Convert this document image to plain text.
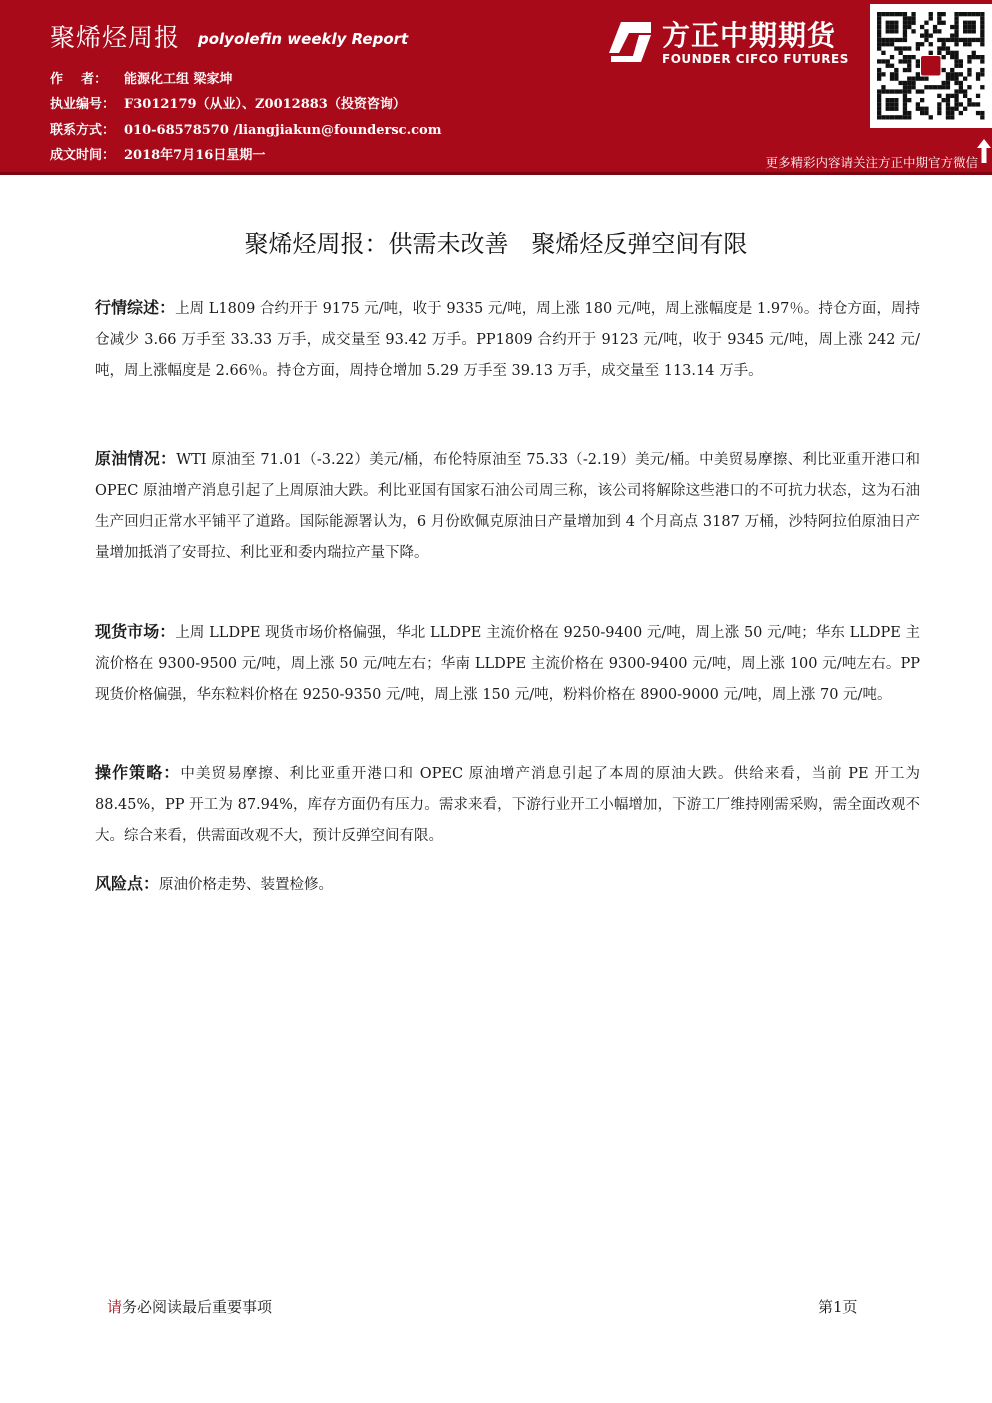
聚烯烃周报 polyolefin weekly Report
作    者： 能源化工组 梁家坤
执业编号： F3012179（从业）、Z0012883（投资咨询）
联系方式： 010-68578570 /liangjiakun@foundersc.com
成文时间： 2018年7月16日星期一
方正中期期货
FOUNDER CIFCO FUTURES
更多精彩内容请关注方正中期官方微信
聚烯烃周报：供需未改善   聚烯烃反弹空间有限
行情综述：上周 L1809 合约开于 9175 元/吨，收于 9335 元/吨，周上涨 180 元/吨，周上涨幅度是 1.97％。持仓方面，周持仓减少 3.66 万手至 33.33 万手，成交量至 93.42 万手。PP1809 合约开于 9123 元/吨，收于 9345 元/吨，周上涨 242 元/吨，周上涨幅度是 2.66％。持仓方面，周持仓增加 5.29 万手至 39.13 万手，成交量至 113.14 万手。
原油情况：WTI 原油至 71.01（-3.22）美元/桶，布伦特原油至 75.33（-2.19）美元/桶。中美贸易摩擦、利比亚重开港口和 OPEC 原油增产消息引起了上周原油大跌。利比亚国有国家石油公司周三称，该公司将解除这些港口的不可抗力状态，这为石油生产回归正常水平铺平了道路。国际能源署认为，6 月份欧佩克原油日产量增加到 4 个月高点 3187 万桶，沙特阿拉伯原油日产量增加抵消了安哥拉、利比亚和委内瑞拉产量下降。
现货市场：上周 LLDPE 现货市场价格偏强，华北 LLDPE 主流价格在 9250-9400 元/吨，周上涨 50 元/吨；华东 LLDPE 主流价格在 9300-9500 元/吨，周上涨 50 元/吨左右；华南 LLDPE 主流价格在 9300-9400 元/吨，周上涨 100 元/吨左右。PP 现货价格偏强，华东粒料价格在 9250-9350 元/吨，周上涨 150 元/吨，粉料价格在 8900-9000 元/吨，周上涨 70 元/吨。
操作策略：中美贸易摩擦、利比亚重开港口和 OPEC 原油增产消息引起了本周的原油大跌。供给来看，当前 PE 开工为 88.45%，PP 开工为 87.94%，库存方面仍有压力。需求来看，下游行业开工小幅增加，下游工厂维持刚需采购，需全面改观不大。综合来看，供需面改观不大，预计反弹空间有限。
风险点：原油价格走势、装置检修。
请务必阅读最后重要事项	第1页
